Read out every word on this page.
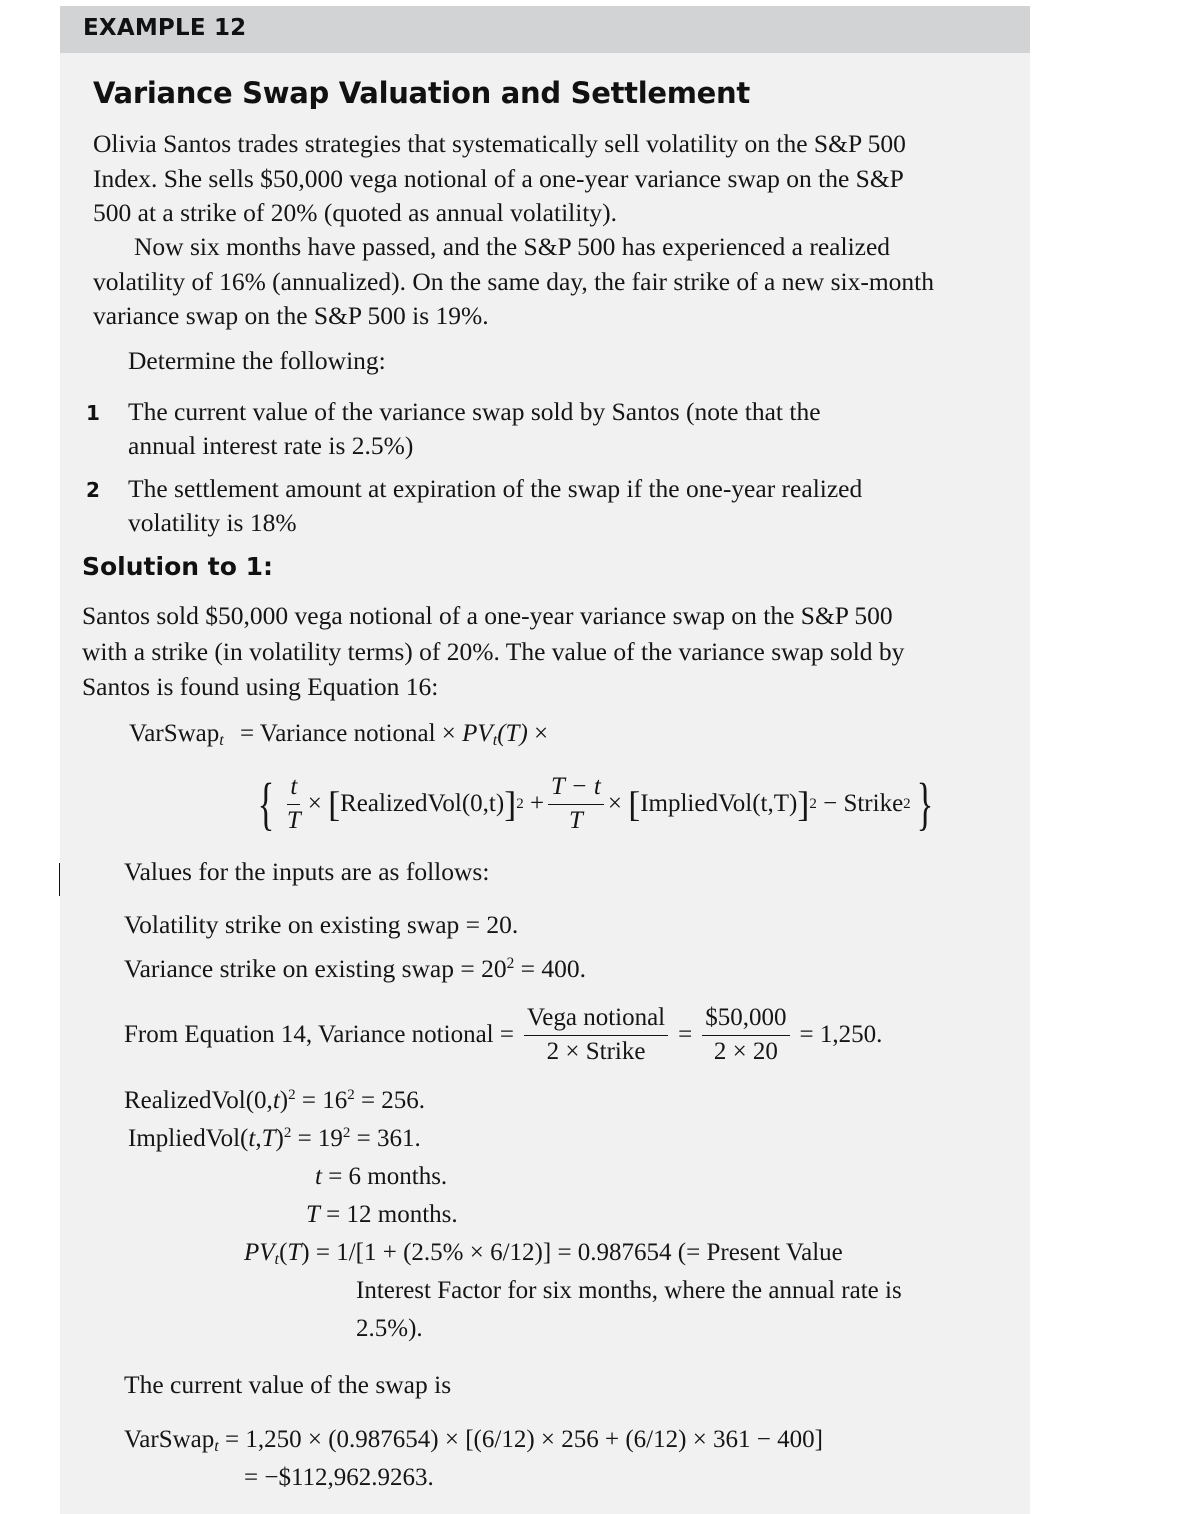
EXAMPLE 12
Variance Swap Valuation and Settlement
Olivia Santos trades strategies that systematically sell volatility on the S&P 500
Index. She sells $50,000 vega notional of a one-year variance swap on the S&P
500 at a strike of 20% (quoted as annual volatility).
Now six months have passed, and the S&P 500 has experienced a realized
volatility of 16% (annualized). On the same day, the fair strike of a new six-month
variance swap on the S&P 500 is 19%.
Determine the following:
1 The current value of the variance swap sold by Santos (note that the
annual interest rate is 2.5%)
2 The settlement amount at expiration of the swap if the one-year realized
volatility is 18%
Solution to 1:
Santos sold $50,000 vega notional of a one-year variance swap on the S&P 500
with a strike (in volatility terms) of 20%. The value of the variance swap sold by
Santos is found using Equation 16:
VarSwap$_t$ = Variance notional × $PV_t(T)$ ×
{ $\frac{t}{T}$ × [ RealizedVol(0,t) ] $2 + \frac{T - t}{T}$ × [ ImpliedVol(t,T) ] 2 − Strike 2 }
Values for the inputs are as follows:
Volatility strike on existing swap = 20.
Variance strike on existing swap = $20^2 = 400$.
From Equation 14, Variance notional = $\frac{\text{Vega notional}}{\text{2 × Strike}} = \frac{\$50,000}{2 \times 20} = 1,250$.
$RealizedVol(0,t)^2 = 16^2 = 256$.
$ImpliedVol(t,T)^2 = 19^2 = 361$.
t = 6 months.
T = 12 months.
$PV_t(T) = 1/[1 + (2.5\% \times 6/12)] = 0.987654$ (= Present Value
Interest Factor for six months, where the annual rate is
2.5%).
The current value of the swap is
VarSwap$_t$ = 1,250 × (0.987654) × [(6/12) × 256 + (6/12) × 361 − 400]
= −$112,962.9263.
